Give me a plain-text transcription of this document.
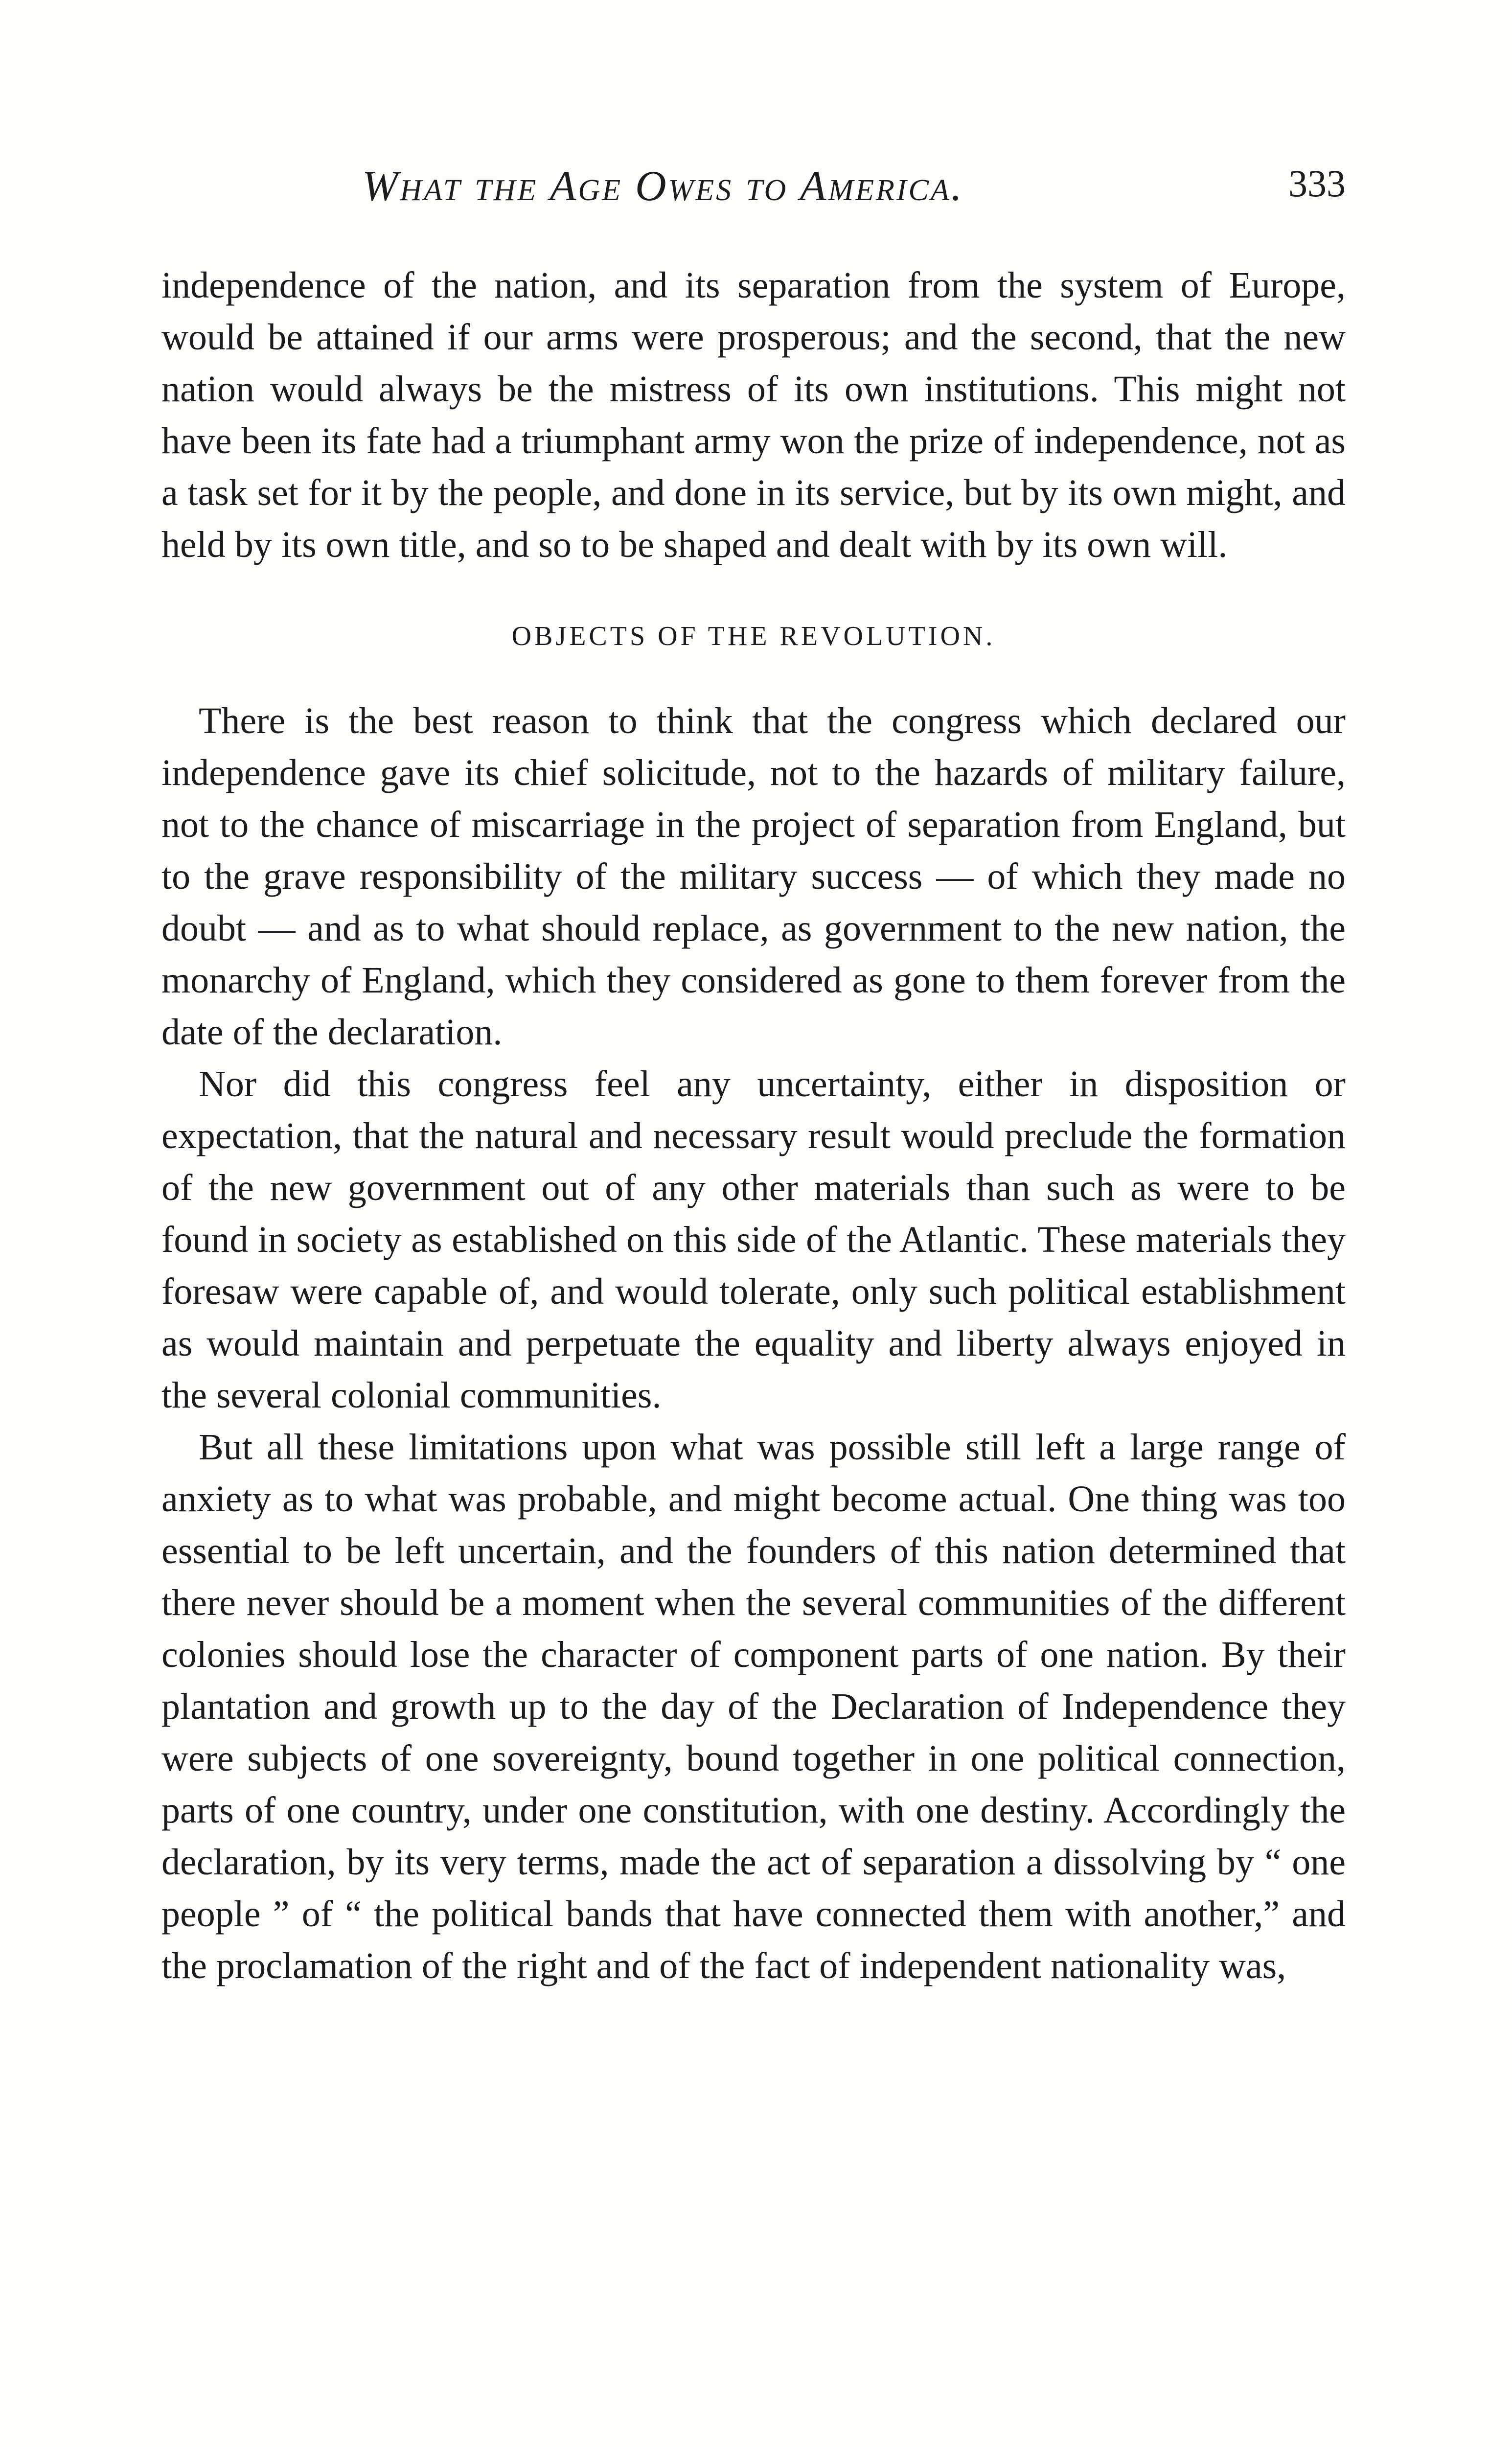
What the Age Owes to America.	333

independence of the nation, and its separation from the system of Europe, would be attained if our arms were prosperous; and the second, that the new nation would always be the mistress of its own institutions. This might not have been its fate had a triumphant army won the prize of independence, not as a task set for it by the people, and done in its service, but by its own might, and held by its own title, and so to be shaped and dealt with by its own will.

OBJECTS OF THE REVOLUTION.

There is the best reason to think that the congress which declared our independence gave its chief solicitude, not to the hazards of military failure, not to the chance of miscarriage in the project of separation from England, but to the grave responsibility of the military success — of which they made no doubt — and as to what should replace, as government to the new nation, the monarchy of England, which they considered as gone to them forever from the date of the declaration.

Nor did this congress feel any uncertainty, either in disposition or expectation, that the natural and necessary result would preclude the formation of the new government out of any other materials than such as were to be found in society as established on this side of the Atlantic. These materials they foresaw were capable of, and would tolerate, only such political establishment as would maintain and perpetuate the equality and liberty always enjoyed in the several colonial communities.

But all these limitations upon what was possible still left a large range of anxiety as to what was probable, and might become actual. One thing was too essential to be left uncertain, and the founders of this nation determined that there never should be a moment when the several communities of the different colonies should lose the character of component parts of one nation. By their plantation and growth up to the day of the Declaration of Independence they were subjects of one sovereignty, bound together in one political connection, parts of one country, under one constitution, with one destiny. Accordingly the declaration, by its very terms, made the act of separation a dissolving by “ one people ” of “ the political bands that have connected them with another,” and the proclamation of the right and of the fact of independent nationality was,
